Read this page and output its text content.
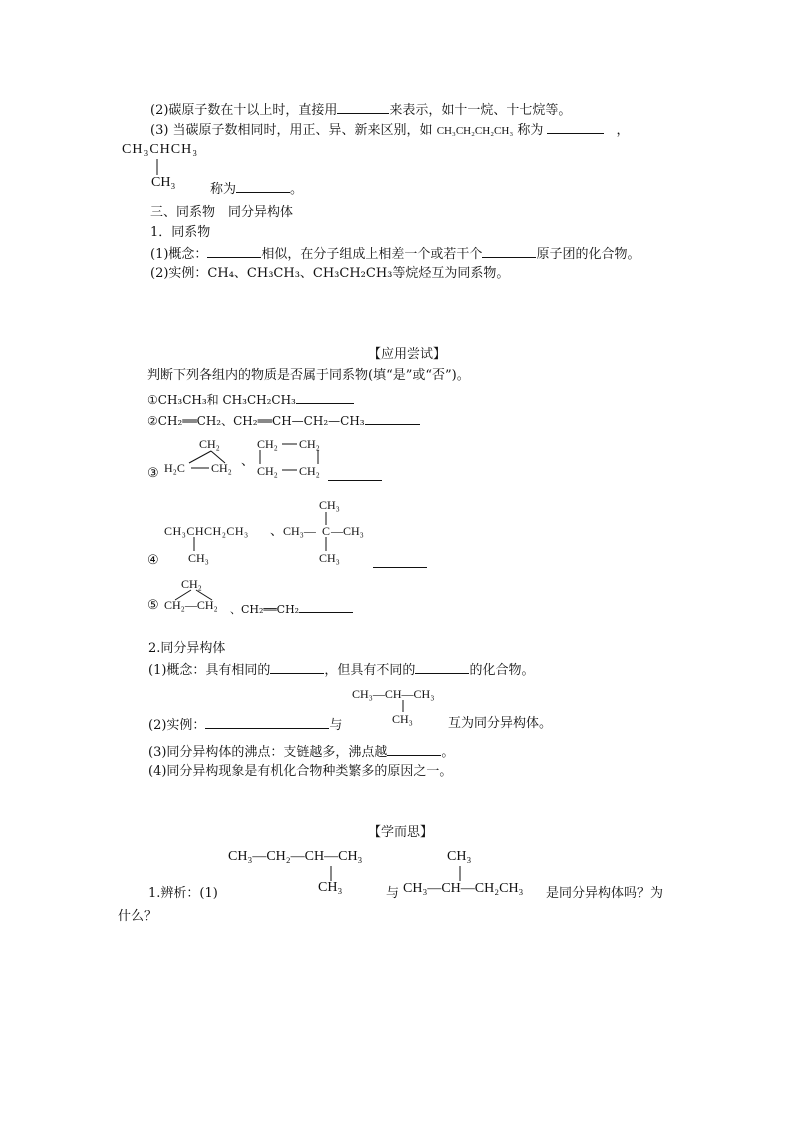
(2)碳原子数在十以上时，直接用	来表示，如十一烷、十七烷等。
(3) 当碳原子数相同时，用正、异、新来区别，如 CH₃CH₂CH₂CH₃ 称为	，
CH₃CHCH₃
CH₃	称为	。
三、同系物　同分异构体
1．同系物
(1)概念：	相似，在分子组成上相差一个或若干个	原子团的化合物。
(2)实例：CH₄、CH₃CH₃、CH₃CH₂CH₃等烷烃互为同系物。
【应用尝试】
判断下列各组内的物质是否属于同系物(填“是”或“否”)。
①CH₃CH₃和 CH₃CH₂CH₃
②CH₂══CH₂、CH₂══CH—CH₂—CH₃
③
CH₂
H₂C CH₂ 、
CH₂ CH₂
CH₂ CH₂
CH₃CHCH₂CH₃
CH₃
、
CH₃
CH₃— C —CH₃
CH₃
④
CH₂
⑤ CH₂—CH₂ 、CH₂══CH₂
2.同分异构体
(1)概念：具有相同的	，但具有不同的	的化合物。
CH₃—CH—CH₃
CH₃
(2)实例：	与	互为同分异构体。
(3)同分异构体的沸点：支链越多，沸点越	。
(4)同分异构现象是有机化合物种类繁多的原因之一。
【学而思】
CH₃—CH₂—CH—CH₃
CH₃
CH₃
CH₃—CH—CH₂CH₃
1.辨析：(1)	与	是同分异构体吗？为
什么？
